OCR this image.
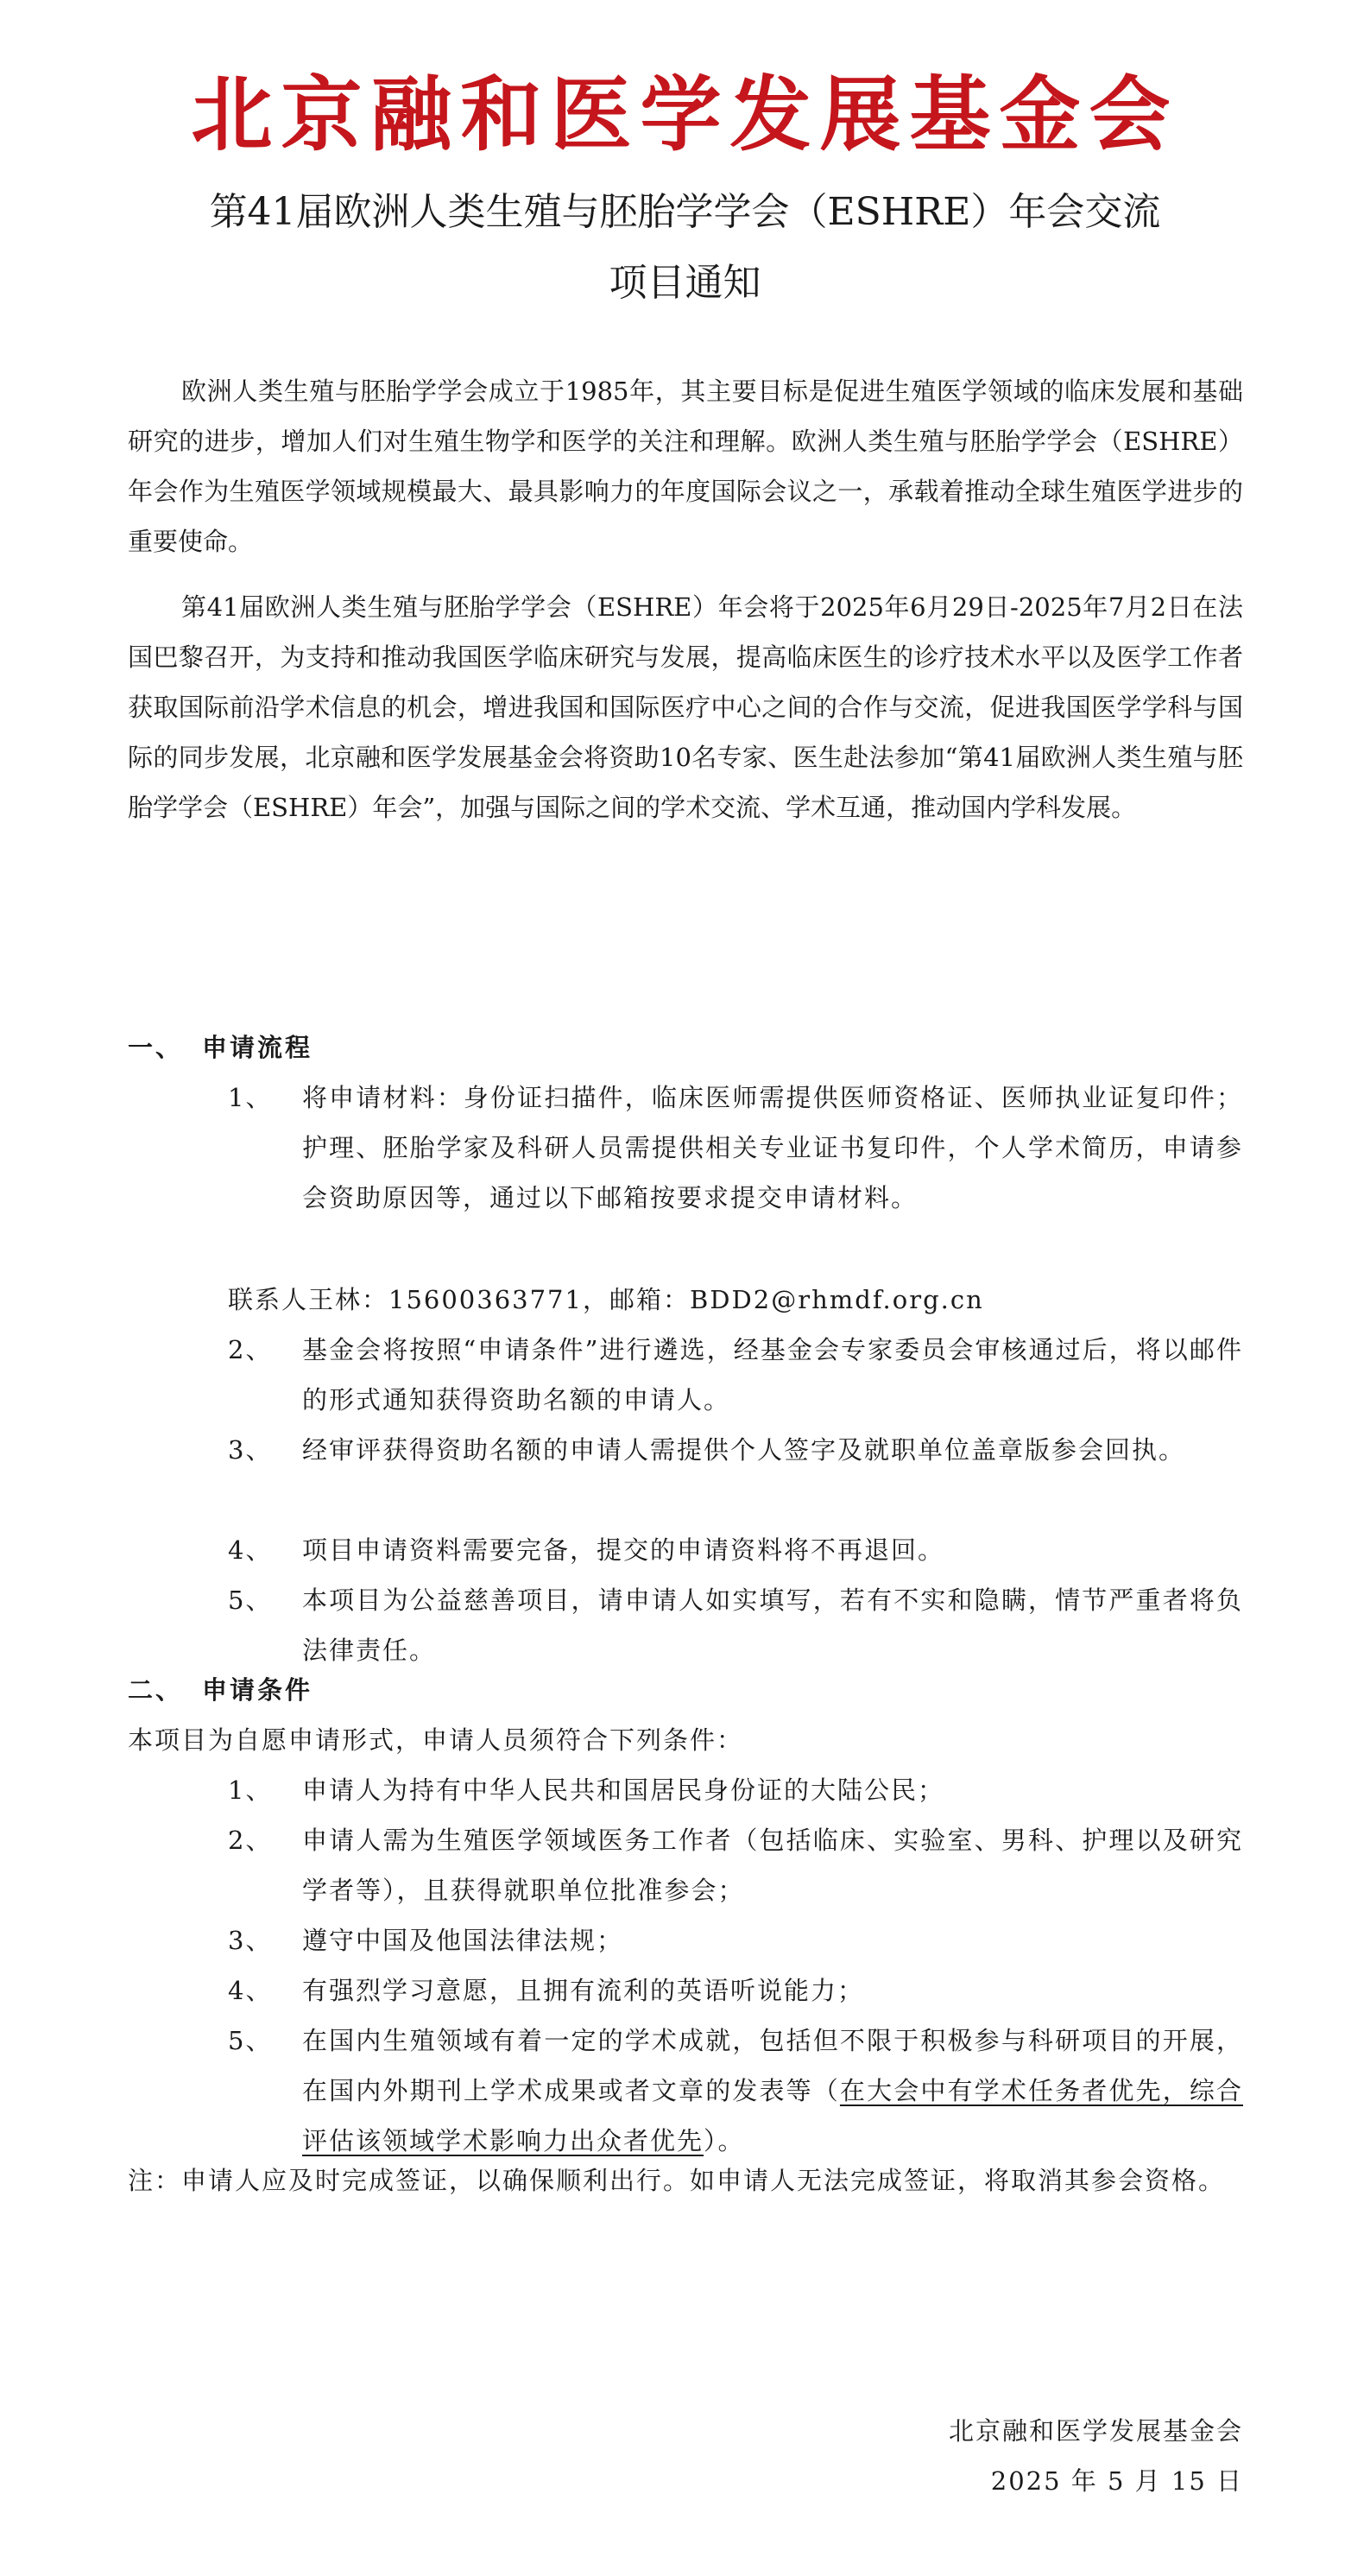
北京融和医学发展基金会
第41届欧洲人类生殖与胚胎学学会（ESHRE）年会交流
项目通知

欧洲人类生殖与胚胎学学会成立于1985年，其主要目标是促进生殖医学领域的临床发展和基础研究的进步，增加人们对生殖生物学和医学的关注和理解。欧洲人类生殖与胚胎学学会（ESHRE）年会作为生殖医学领域规模最大、最具影响力的年度国际会议之一，承载着推动全球生殖医学进步的重要使命。

第41届欧洲人类生殖与胚胎学学会（ESHRE）年会将于2025年6月29日-2025年7月2日在法国巴黎召开，为支持和推动我国医学临床研究与发展，提高临床医生的诊疗技术水平以及医学工作者获取国际前沿学术信息的机会，增进我国和国际医疗中心之间的合作与交流，促进我国医学学科与国际的同步发展，北京融和医学发展基金会将资助10名专家、医生赴法参加“第41届欧洲人类生殖与胚胎学学会（ESHRE）年会”，加强与国际之间的学术交流、学术互通，推动国内学科发展。

一、 申请流程
1、 将申请材料：身份证扫描件，临床医师需提供医师资格证、医师执业证复印件；护理、胚胎学家及科研人员需提供相关专业证书复印件，个人学术简历，申请参会资助原因等，通过以下邮箱按要求提交申请材料。
联系人王林：15600363771，邮箱：BDD2@rhmdf.org.cn
2、 基金会将按照“申请条件”进行遴选，经基金会专家委员会审核通过后，将以邮件的形式通知获得资助名额的申请人。
3、 经审评获得资助名额的申请人需提供个人签字及就职单位盖章版参会回执。
4、 项目申请资料需要完备，提交的申请资料将不再退回。
5、 本项目为公益慈善项目，请申请人如实填写，若有不实和隐瞒，情节严重者将负法律责任。
二、 申请条件
本项目为自愿申请形式，申请人员须符合下列条件：
1、 申请人为持有中华人民共和国居民身份证的大陆公民；
2、 申请人需为生殖医学领域医务工作者（包括临床、实验室、男科、护理以及研究学者等），且获得就职单位批准参会；
3、 遵守中国及他国法律法规；
4、 有强烈学习意愿，且拥有流利的英语听说能力；
5、 在国内生殖领域有着一定的学术成就，包括但不限于积极参与科研项目的开展，在国内外期刊上学术成果或者文章的发表等（在大会中有学术任务者优先，综合评估该领域学术影响力出众者优先）。
注：申请人应及时完成签证，以确保顺利出行。如申请人无法完成签证，将取消其参会资格。
北京融和医学发展基金会
2025 年 5 月 15 日
